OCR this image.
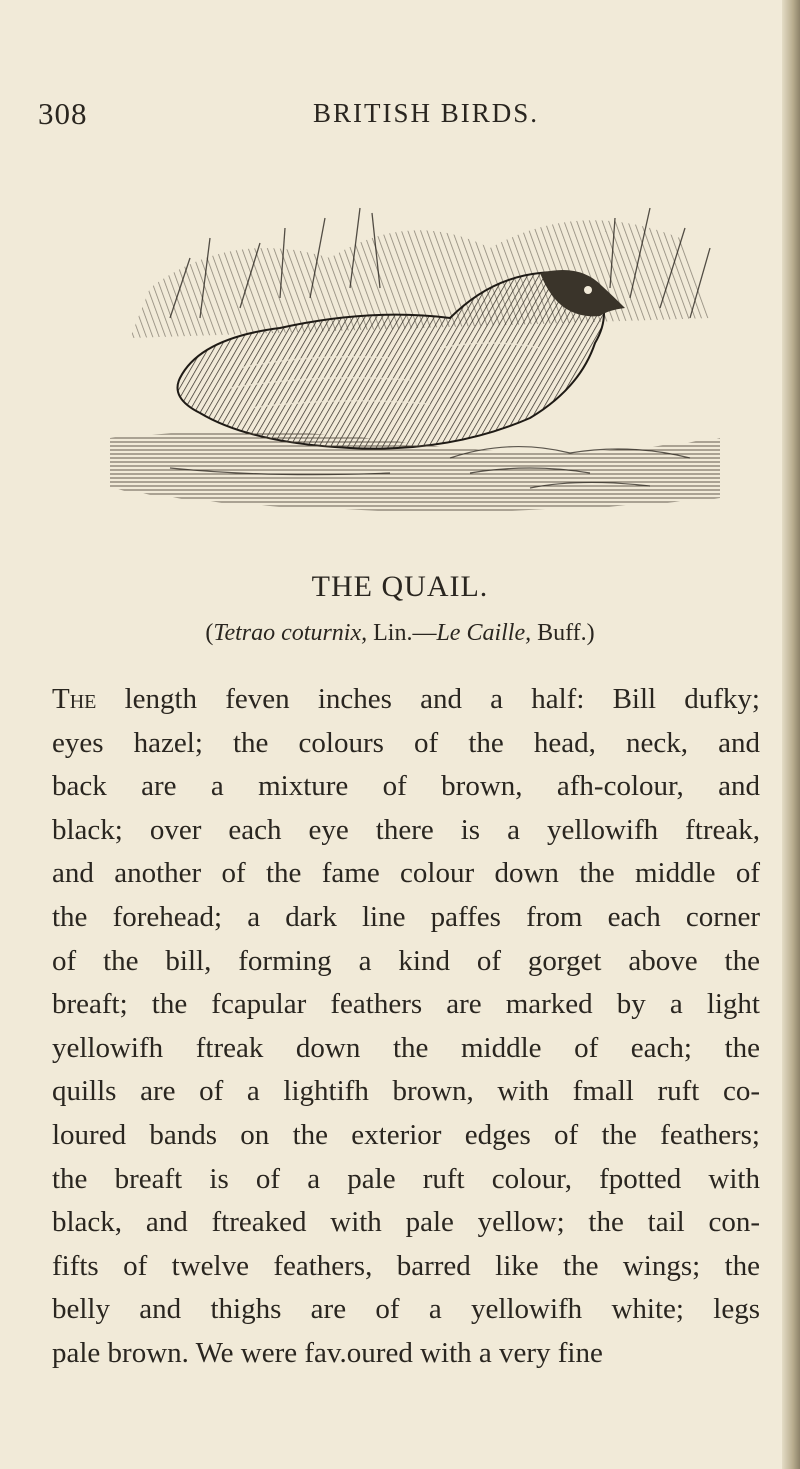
308	BRITISH BIRDS.
THE QUAIL.
(Tetrao coturnix, Lin.—Le Caille, Buff.)
The length feven inches and a half: Bill dufky;
eyes hazel; the colours of the head, neck, and
back are a mixture of brown, afh-colour, and
black; over each eye there is a yellowifh ftreak,
and another of the fame colour down the middle of
the forehead; a dark line paffes from each corner
of the bill, forming a kind of gorget above the
breaft; the fcapular feathers are marked by a light
yellowifh ftreak down the middle of each; the
quills are of a lightifh brown, with fmall ruft co-
loured bands on the exterior edges of the feathers;
the breaft is of a pale ruft colour, fpotted with
black, and ftreaked with pale yellow; the tail con-
fifts of twelve feathers, barred like the wings; the
belly and thighs are of a yellowifh white; legs
pale brown. We were fav.oured with a very fine
